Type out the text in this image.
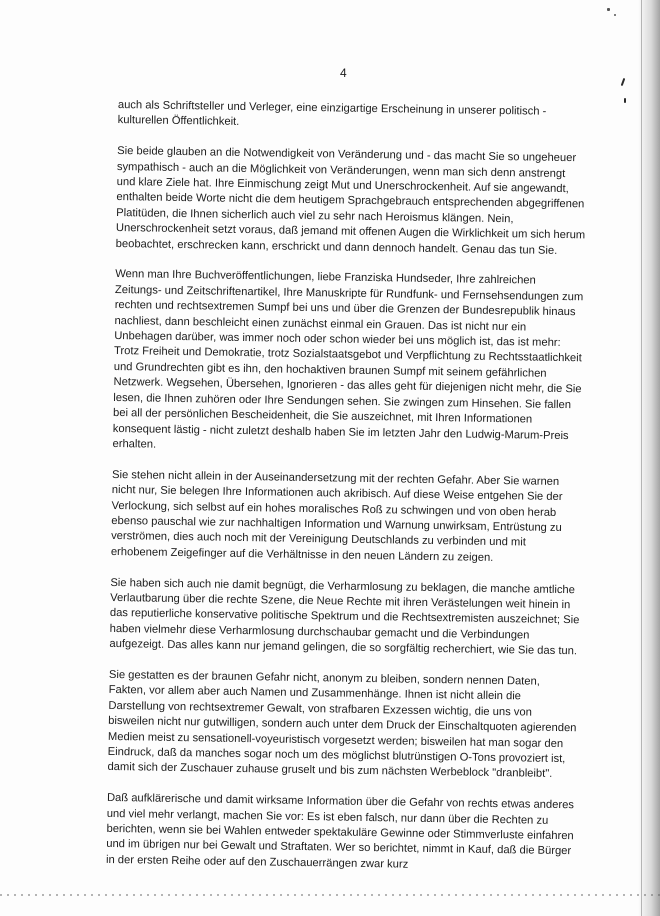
4

auch als Schriftsteller und Verleger, eine einzigartige Erscheinung in unserer politisch - kulturellen Öffentlichkeit.

Sie beide glauben an die Notwendigkeit von Veränderung und - das macht Sie so ungeheuer sympathisch - auch an die Möglichkeit von Veränderungen, wenn man sich denn anstrengt und klare Ziele hat. Ihre Einmischung zeigt Mut und Unerschrockenheit. Auf sie angewandt, enthalten beide Worte nicht die dem heutigem Sprachgebrauch entsprechenden abgegriffenen Platitüden, die Ihnen sicherlich auch viel zu sehr nach Heroismus klängen. Nein, Unerschrockenheit setzt voraus, daß jemand mit offenen Augen die Wirklichkeit um sich herum beobachtet, erschrecken kann, erschrickt und dann dennoch handelt. Genau das tun Sie.

Wenn man Ihre Buchveröffentlichungen, liebe Franziska Hundseder, Ihre zahlreichen Zeitungs- und Zeitschriftenartikel, Ihre Manuskripte für Rundfunk- und Fernsehsendungen zum rechten und rechtsextremen Sumpf bei uns und über die Grenzen der Bundesrepublik hinaus nachliest, dann beschleicht einen zunächst einmal ein Grauen. Das ist nicht nur ein Unbehagen darüber, was immer noch oder schon wieder bei uns möglich ist, das ist mehr: Trotz Freiheit und Demokratie, trotz Sozialstaatsgebot und Verpflichtung zu Rechtsstaatlichkeit und Grundrechten gibt es ihn, den hochaktiven braunen Sumpf mit seinem gefährlichen Netzwerk. Wegsehen, Übersehen, Ignorieren - das alles geht für diejenigen nicht mehr, die Sie lesen, die Ihnen zuhören oder Ihre Sendungen sehen. Sie zwingen zum Hinsehen. Sie fallen bei all der persönlichen Bescheidenheit, die Sie auszeichnet, mit Ihren Informationen konsequent lästig - nicht zuletzt deshalb haben Sie im letzten Jahr den Ludwig-Marum-Preis erhalten.

Sie stehen nicht allein in der Auseinandersetzung mit der rechten Gefahr. Aber Sie warnen nicht nur, Sie belegen Ihre Informationen auch akribisch. Auf diese Weise entgehen Sie der Verlockung, sich selbst auf ein hohes moralisches Roß zu schwingen und von oben herab ebenso pauschal wie zur nachhaltigen Information und Warnung unwirksam, Entrüstung zu verströmen, dies auch noch mit der Vereinigung Deutschlands zu verbinden und mit erhobenem Zeigefinger auf die Verhältnisse in den neuen Ländern zu zeigen.

Sie haben sich auch nie damit begnügt, die Verharmlosung zu beklagen, die manche amtliche Verlautbarung über die rechte Szene, die Neue Rechte mit ihren Verästelungen weit hinein in das reputierliche konservative politische Spektrum und die Rechtsextremisten auszeichnet; Sie haben vielmehr diese Verharmlosung durchschaubar gemacht und die Verbindungen aufgezeigt. Das alles kann nur jemand gelingen, die so sorgfältig recherchiert, wie Sie das tun.

Sie gestatten es der braunen Gefahr nicht, anonym zu bleiben, sondern nennen Daten, Fakten, vor allem aber auch Namen und Zusammenhänge. Ihnen ist nicht allein die Darstellung von rechtsextremer Gewalt, von strafbaren Exzessen wichtig, die uns von bisweilen nicht nur gutwilligen, sondern auch unter dem Druck der Einschaltquoten agierenden Medien meist zu sensationell-voyeuristisch vorgesetzt werden; bisweilen hat man sogar den Eindruck, daß da manches sogar noch um des möglichst blutrünstigen O-Tons provoziert ist, damit sich der Zuschauer zuhause gruselt und bis zum nächsten Werbeblock "dranbleibt".

Daß aufklärerische und damit wirksame Information über die Gefahr von rechts etwas anderes und viel mehr verlangt, machen Sie vor: Es ist eben falsch, nur dann über die Rechten zu berichten, wenn sie bei Wahlen entweder spektakuläre Gewinne oder Stimmverluste einfahren und im übrigen nur bei Gewalt und Straftaten. Wer so berichtet, nimmt in Kauf, daß die Bürger in der ersten Reihe oder auf den Zuschauerrängen zwar kurz
